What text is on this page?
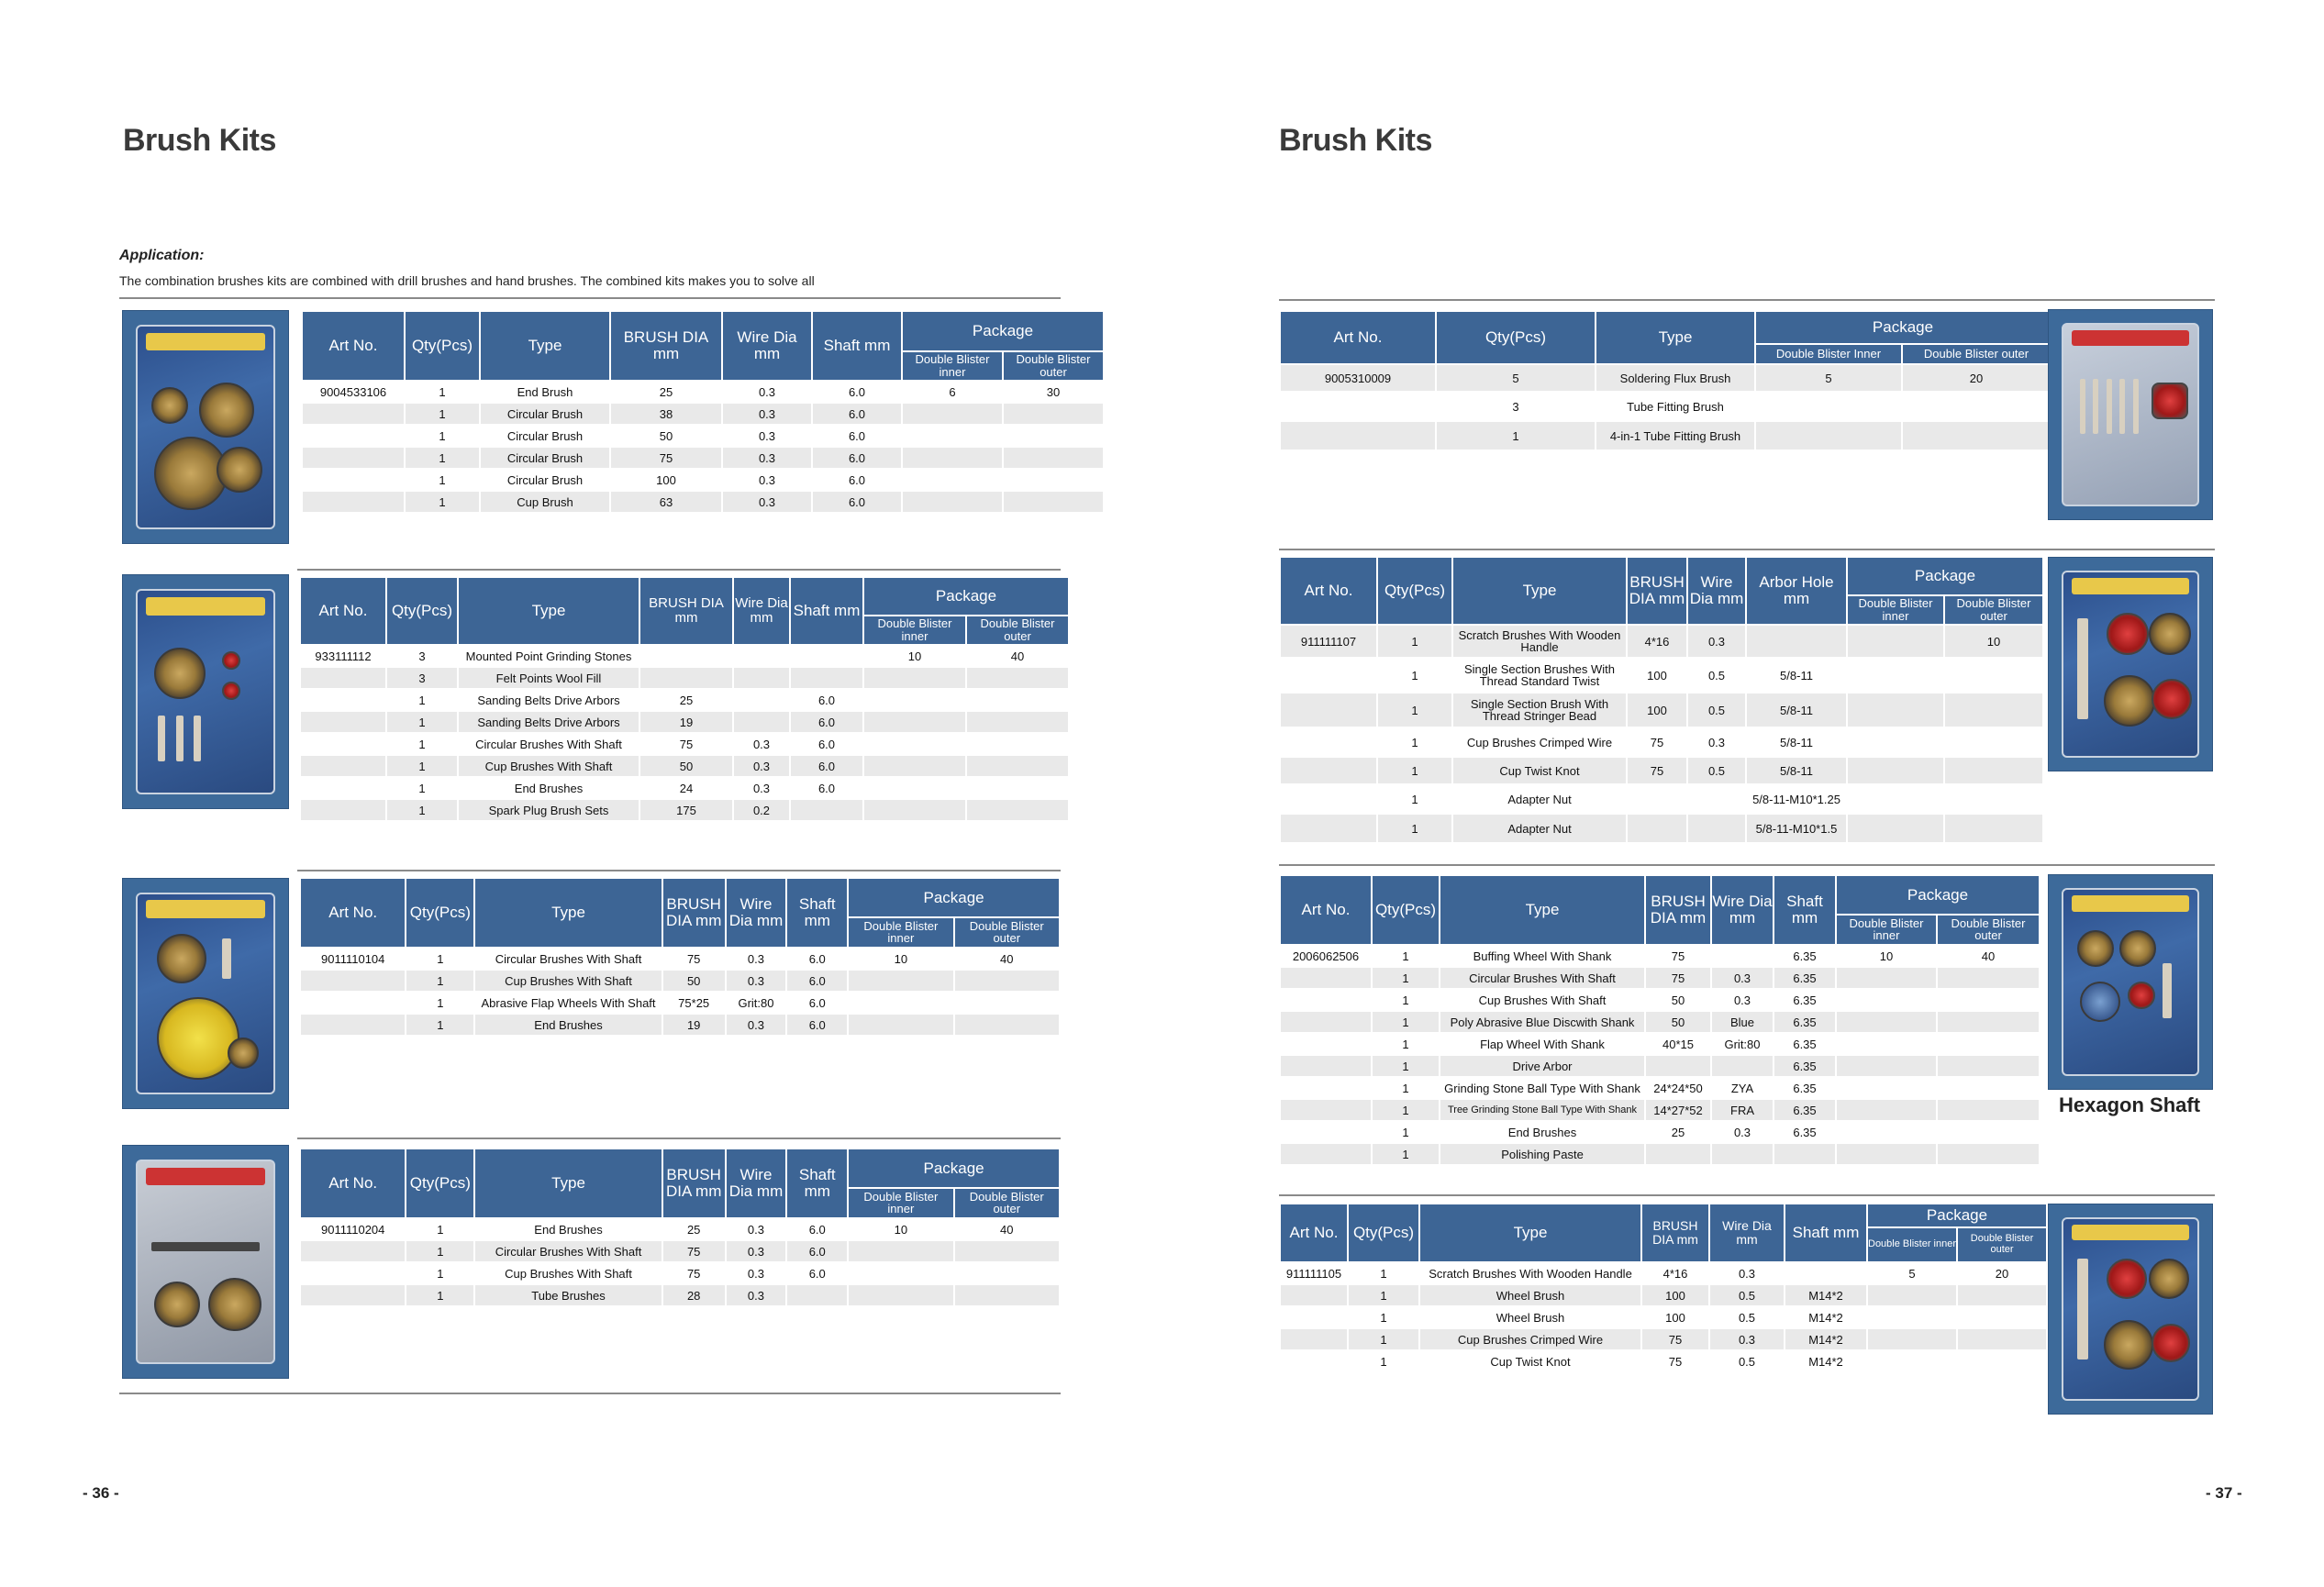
Brush Kits
Application:
The combination brushes kits are combined with drill brushes and hand brushes. The combined kits makes you to solve all
Art No.	Qty(Pcs)	Type	BRUSH DIA mm	Wire Dia mm	Shaft mm	Package	
						Double Blister inner	Double Blister outer
9004533106	1	End Brush	25	0.3	6.0	6	30
	1	Circular Brush	38	0.3	6.0		
	1	Circular Brush	50	0.3	6.0		
	1	Circular Brush	75	0.3	6.0		
	1	Circular Brush	100	0.3	6.0		
	1	Cup Brush	63	0.3	6.0		
Art No.	Qty(Pcs)	Type	BRUSH DIA mm	Wire Dia mm	Shaft mm	Package	
						Double Blister inner	Double Blister outer
933111112	3	Mounted Point Grinding Stones				10	40
	3	Felt Points Wool Fill					
	1	Sanding Belts Drive Arbors	25		6.0		
	1	Sanding Belts Drive Arbors	19		6.0		
	1	Circular Brushes With Shaft	75	0.3	6.0		
	1	Cup Brushes With Shaft	50	0.3	6.0		
	1	End Brushes	24	0.3	6.0		
	1	Spark Plug Brush Sets	175	0.2			
Art No.	Qty(Pcs)	Type	BRUSH DIA mm	Wire Dia mm	Shaft mm	Package	
						Double Blister inner	Double Blister outer
9011110104	1	Circular Brushes With Shaft	75	0.3	6.0	10	40
	1	Cup Brushes With Shaft	50	0.3	6.0		
	1	Abrasive Flap Wheels With Shaft	75*25	Grit:80	6.0		
	1	End Brushes	19	0.3	6.0		
Art No.	Qty(Pcs)	Type	BRUSH DIA mm	Wire Dia mm	Shaft mm	Package	
						Double Blister inner	Double Blister outer
9011110204	1	End Brushes	25	0.3	6.0	10	40
	1	Circular Brushes With Shaft	75	0.3	6.0		
	1	Cup Brushes With Shaft	75	0.3	6.0		
	1	Tube Brushes	28	0.3			
- 36 -
Brush Kits
Art No.	Qty(Pcs)	Type	Package	
			Double Blister Inner	Double Blister outer
9005310009	5	Soldering Flux Brush	5	20
	3	Tube Fitting Brush		
	1	4-in-1 Tube Fitting Brush		
Art No.	Qty(Pcs)	Type	BRUSH DIA mm	Wire Dia mm	Arbor Hole mm	Package	
						Double Blister inner	Double Blister outer
911111107	1	Scratch Brushes With Wooden Handle	4*16	0.3			10
	1	Single Section Brushes With Thread Standard Twist	100	0.5	5/8-11		
	1	Single Section Brush With Thread Stringer Bead	100	0.5	5/8-11		
	1	Cup Brushes Crimped Wire	75	0.3	5/8-11		
	1	Cup Twist Knot	75	0.5	5/8-11		
	1	Adapter Nut			5/8-11-M10*1.25		
	1	Adapter Nut			5/8-11-M10*1.5		
Art No.	Qty(Pcs)	Type	BRUSH DIA mm	Wire Dia mm	Shaft mm	Package	
						Double Blister inner	Double Blister outer
2006062506	1	Buffing Wheel With Shank	75		6.35	10	40
	1	Circular Brushes With Shaft	75	0.3	6.35		
	1	Cup Brushes With Shaft	50	0.3	6.35		
	1	Poly Abrasive Blue Discwith Shank	50	Blue	6.35		
	1	Flap Wheel With Shank	40*15	Grit:80	6.35		
	1	Drive Arbor			6.35		
	1	Grinding Stone Ball Type With Shank	24*24*50	ZYA	6.35		
	1	Tree Grinding Stone Ball Type With Shank	14*27*52	FRA	6.35		
	1	End Brushes	25	0.3	6.35		
	1	Polishing Paste					
Hexagon Shaft
Art No.	Qty(Pcs)	Type	BRUSH DIA mm	Wire Dia mm	Shaft mm	Package	
						Double Blister inner	Double Blister outer
911111105	1	Scratch Brushes With Wooden Handle	4*16	0.3		5	20
	1	Wheel Brush	100	0.5	M14*2		
	1	Wheel Brush	100	0.5	M14*2		
	1	Cup Brushes Crimped Wire	75	0.3	M14*2		
	1	Cup Twist Knot	75	0.5	M14*2		
- 37 -
